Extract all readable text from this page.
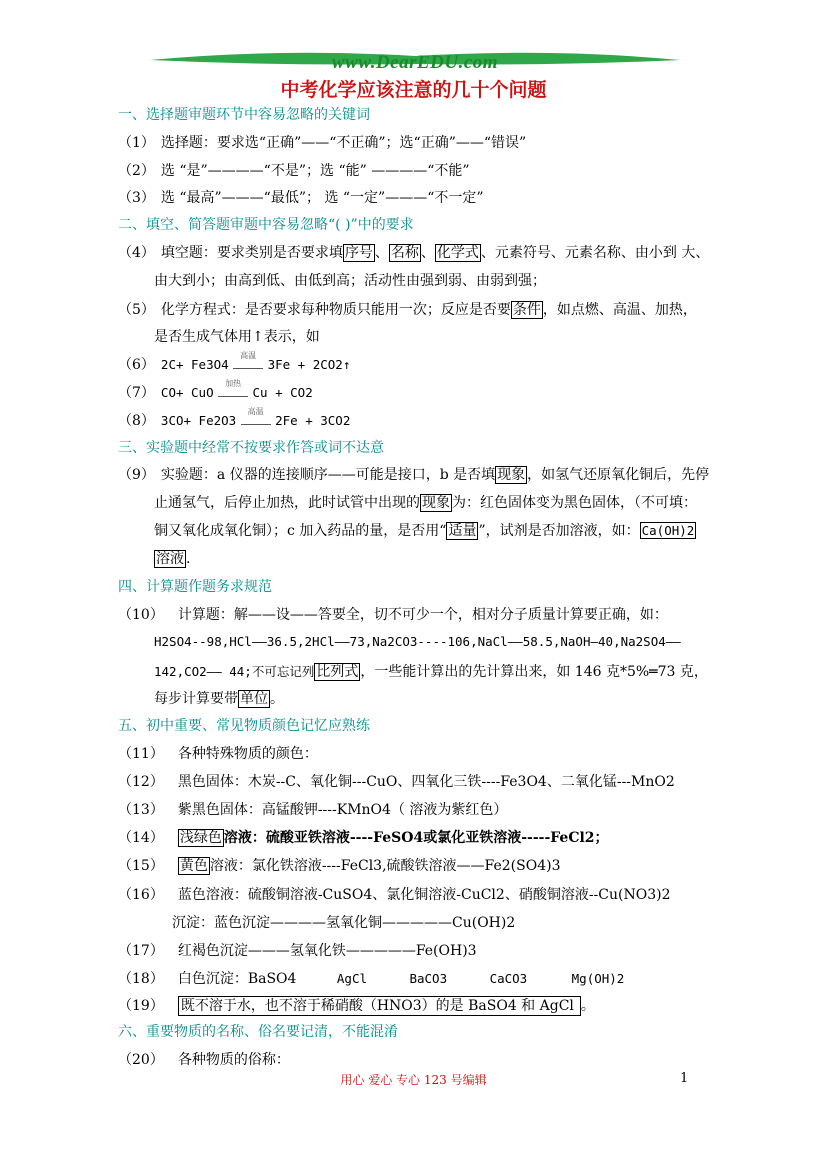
www.DearEDU.com
中考化学应该注意的几十个问题
一、选择题审题环节中容易忽略的关键词
（1） 选择题：要求选“正确”——“不正确”；选“正确”——“错误”
（2） 选 “是”————“不是”；选 “能” ————“不能”
（3） 选 “最高”———“最低”； 选 “一定”———“不一定”
二、填空、简答题审题中容易忽略“( )”中的要求
（4） 填空题：要求类别是否要求填 序号 、 名称 、 化学式 、元素符号、元素名称、由小到 大、
由大到小；由高到低、由低到高；活动性由强到弱、由弱到强；
（5） 化学方程式：是否要求每种物质只能用一次；反应是否要 条件 ，如点燃、高温、加热，
是否生成气体用↑表示，如
（6） 2C+ Fe3O4
高温
3Fe + 2CO2↑
（7） CO+ CuO
加热
Cu + CO2
（8） 3CO+ Fe2O3
高温
2Fe + 3CO2
三、实验题中经常不按要求作答或词不达意
（9） 实验题：a 仪器的连接顺序——可能是接口，b 是否填 现象 ，如氢气还原氧化铜后，先停
止通氢气，后停止加热，此时试管中出现的 现象 为：红色固体变为黑色固体，（不可填：
铜又氧化成氧化铜）；c 加入药品的量，是否用“ 适量 ”，试剂是否加溶液，如： Ca(OH)2
溶液 .
四、计算题作题务求规范
（10） 计算题：解——设——答要全，切不可少一个，相对分子质量计算要正确，如：
H2SO4--98,HCl——36.5,2HCl——73,Na2CO3----106,NaCl——58.5,NaOH—40,Na2SO4——
142,CO2—— 44;不可忘记列 比列式 ，一些能计算出的先计算出来，如 146 克*5%═73 克，
每步计算要带 单位 。
五、初中重要、常见物质颜色记忆应熟练
（11） 各种特殊物质的颜色：
（12） 黑色固体：木炭--C、氧化铜---CuO、四氧化三铁----Fe3O4、二氧化锰---MnO2
（13） 紫黑色固体：高锰酸钾----KMnO4（ 溶液为紫红色）
（14） 浅绿色 溶液：硫酸亚铁溶液----FeSO4或氯化亚铁溶液-----FeCl2；
（15） 黄色 溶液：氯化铁溶液----FeCl3,硫酸铁溶液——Fe2(SO4)3
（16） 蓝色溶液：硫酸铜溶液-CuSO4、氯化铜溶液-CuCl2、硝酸铜溶液--Cu(NO3)2
沉淀：蓝色沉淀————氢氧化铜—————Cu(OH)2
（17） 红褐色沉淀———氢氧化铁—————Fe(OH)3
（18） 白色沉淀：BaSO4	AgCl	BaCO3	CaCO3	Mg(OH)2
（19） 既不溶于水，也不溶于稀硝酸（HNO3）的是 BaSO4 和 AgCl 。
六、重要物质的名称、俗名要记清，不能混淆
（20） 各种物质的俗称：
用心 爱心 专心 123 号编辑	1
